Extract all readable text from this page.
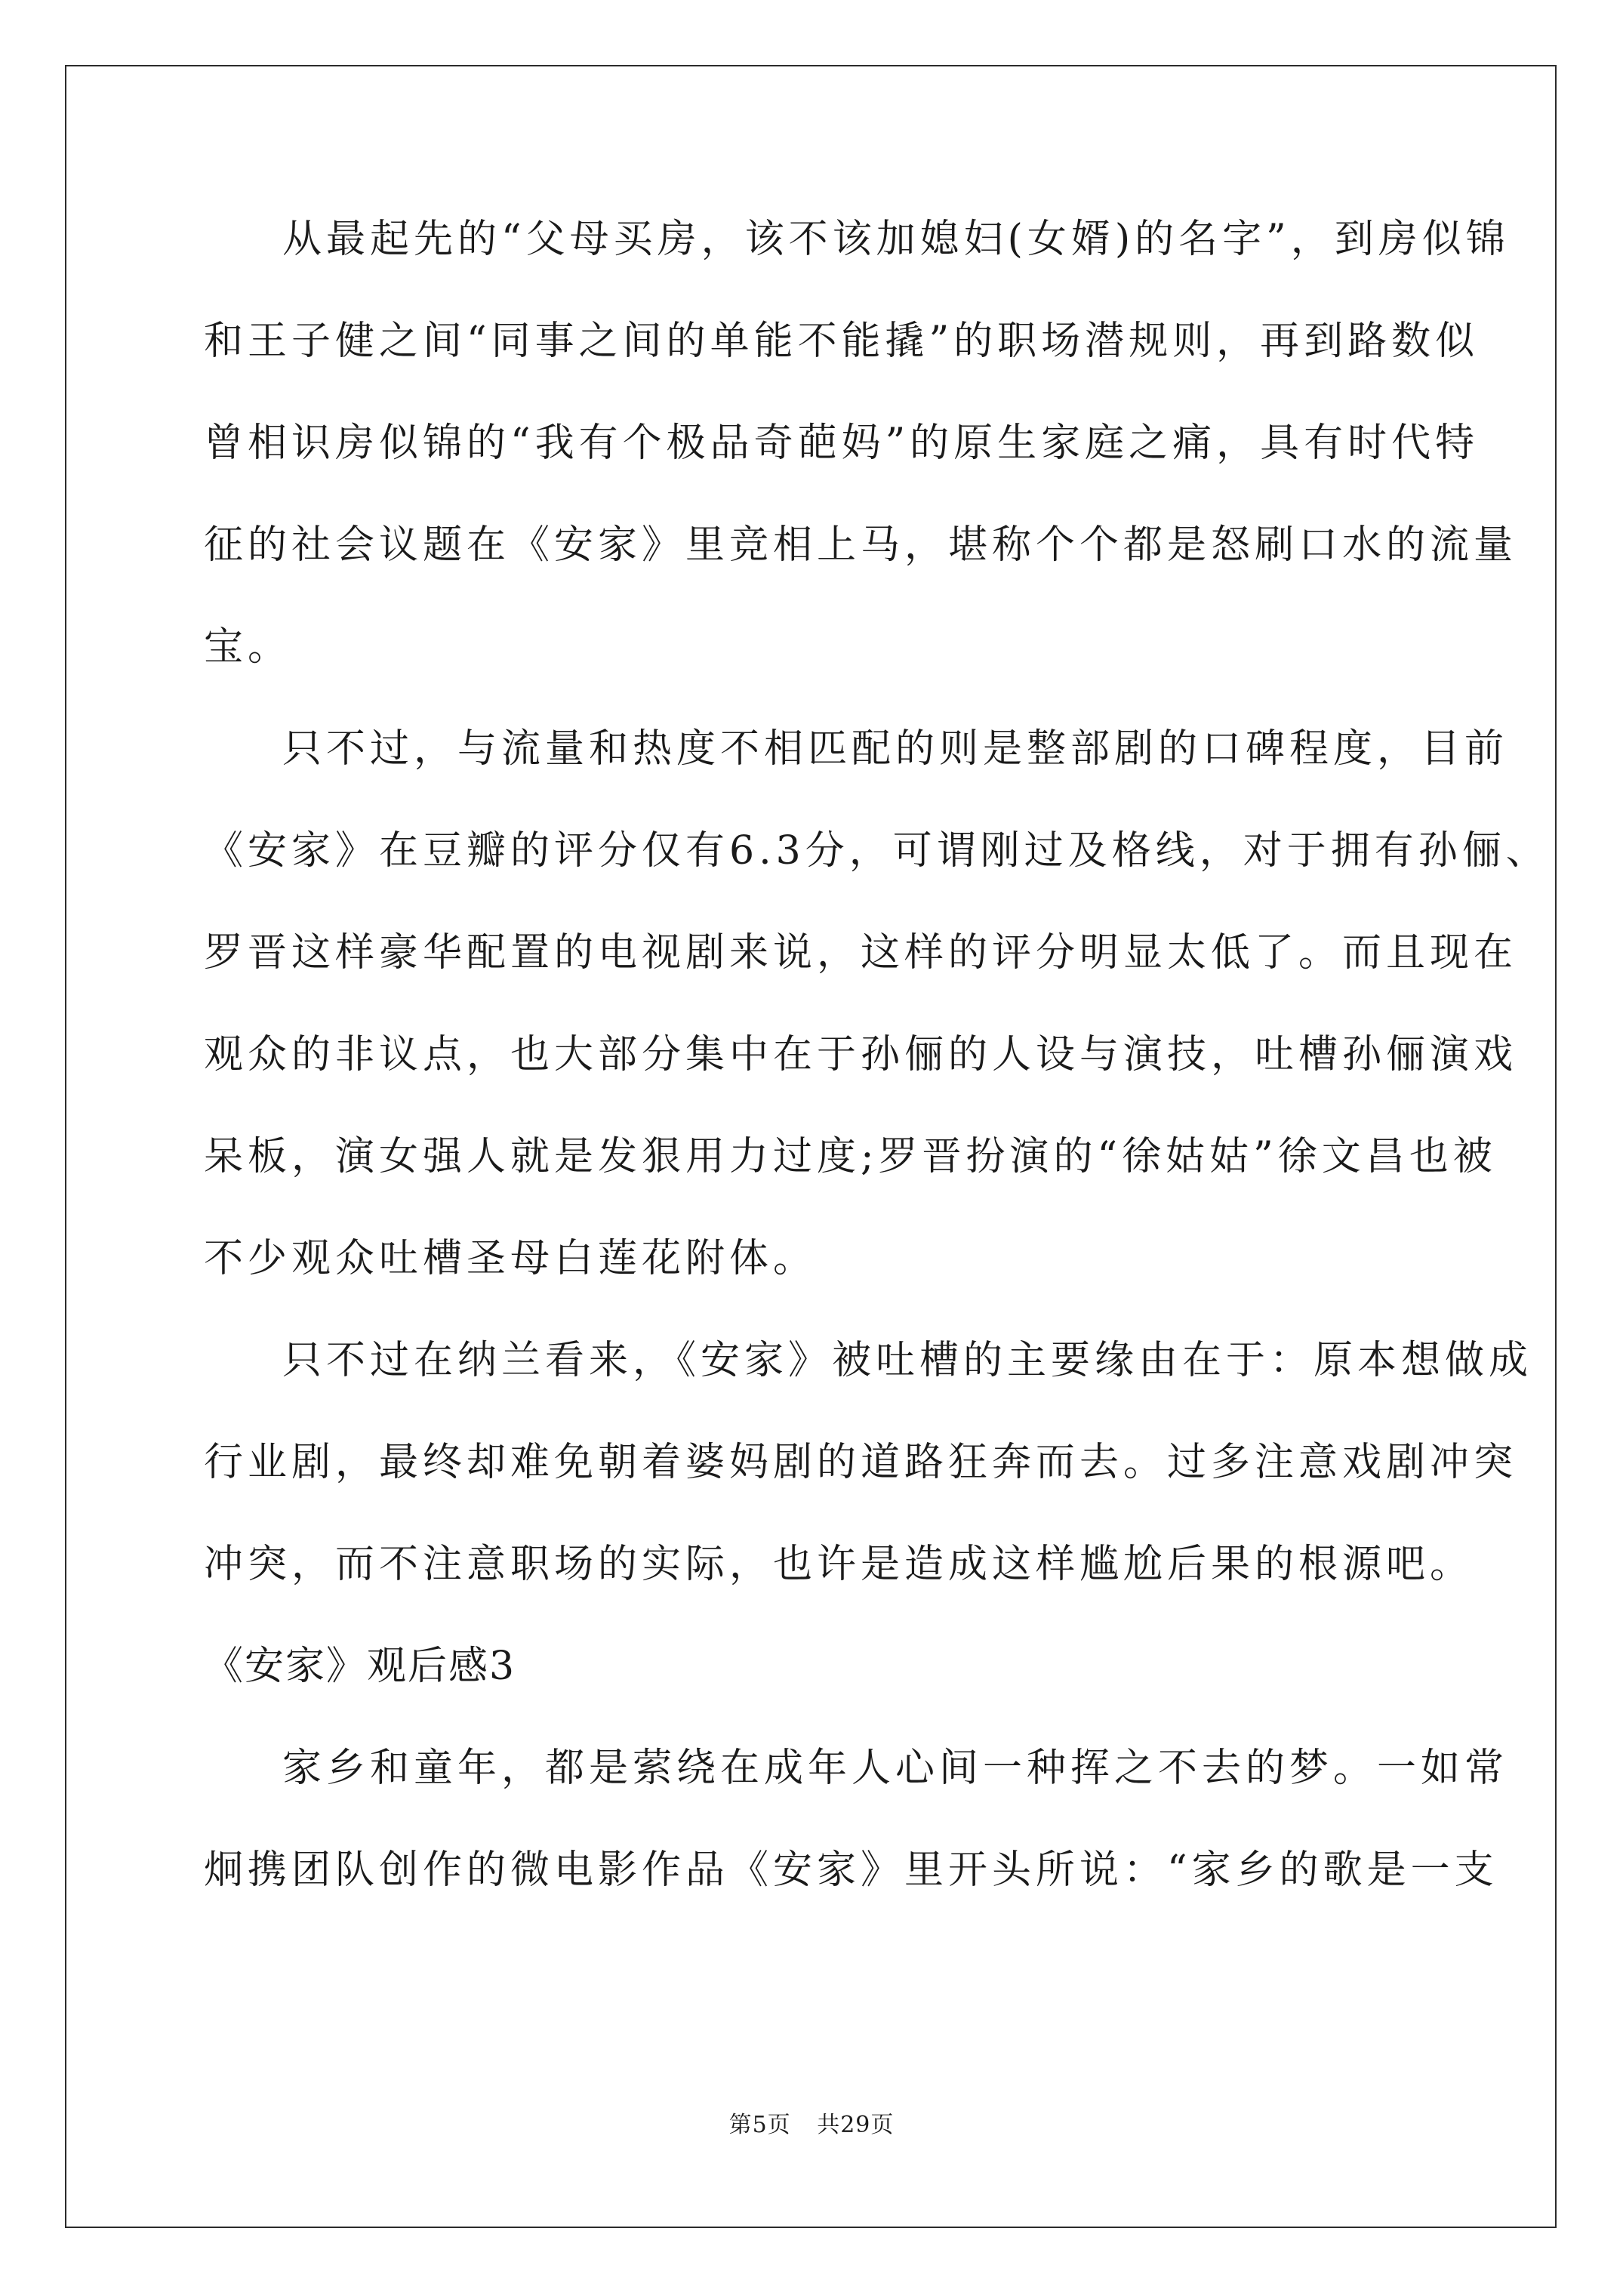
从最起先的“父母买房，该不该加媳妇(女婿)的名字”，到房似锦
和王子健之间“同事之间的单能不能撬”的职场潜规则，再到路数似
曾相识房似锦的“我有个极品奇葩妈”的原生家庭之痛，具有时代特
征的社会议题在《安家》里竞相上马，堪称个个都是怒刷口水的流量
宝。
只不过，与流量和热度不相匹配的则是整部剧的口碑程度，目前
《安家》在豆瓣的评分仅有6.3分，可谓刚过及格线，对于拥有孙俪、
罗晋这样豪华配置的电视剧来说，这样的评分明显太低了。而且现在
观众的非议点，也大部分集中在于孙俪的人设与演技，吐槽孙俪演戏
呆板，演女强人就是发狠用力过度;罗晋扮演的“徐姑姑”徐文昌也被
不少观众吐槽圣母白莲花附体。
只不过在纳兰看来，《安家》被吐槽的主要缘由在于：原本想做成
行业剧，最终却难免朝着婆妈剧的道路狂奔而去。过多注意戏剧冲突
冲突，而不注意职场的实际，也许是造成这样尴尬后果的根源吧。
《安家》观后感3
家乡和童年，都是萦绕在成年人心间一种挥之不去的梦。一如常
炯携团队创作的微电影作品《安家》里开头所说：“家乡的歌是一支
第5页 共29页
